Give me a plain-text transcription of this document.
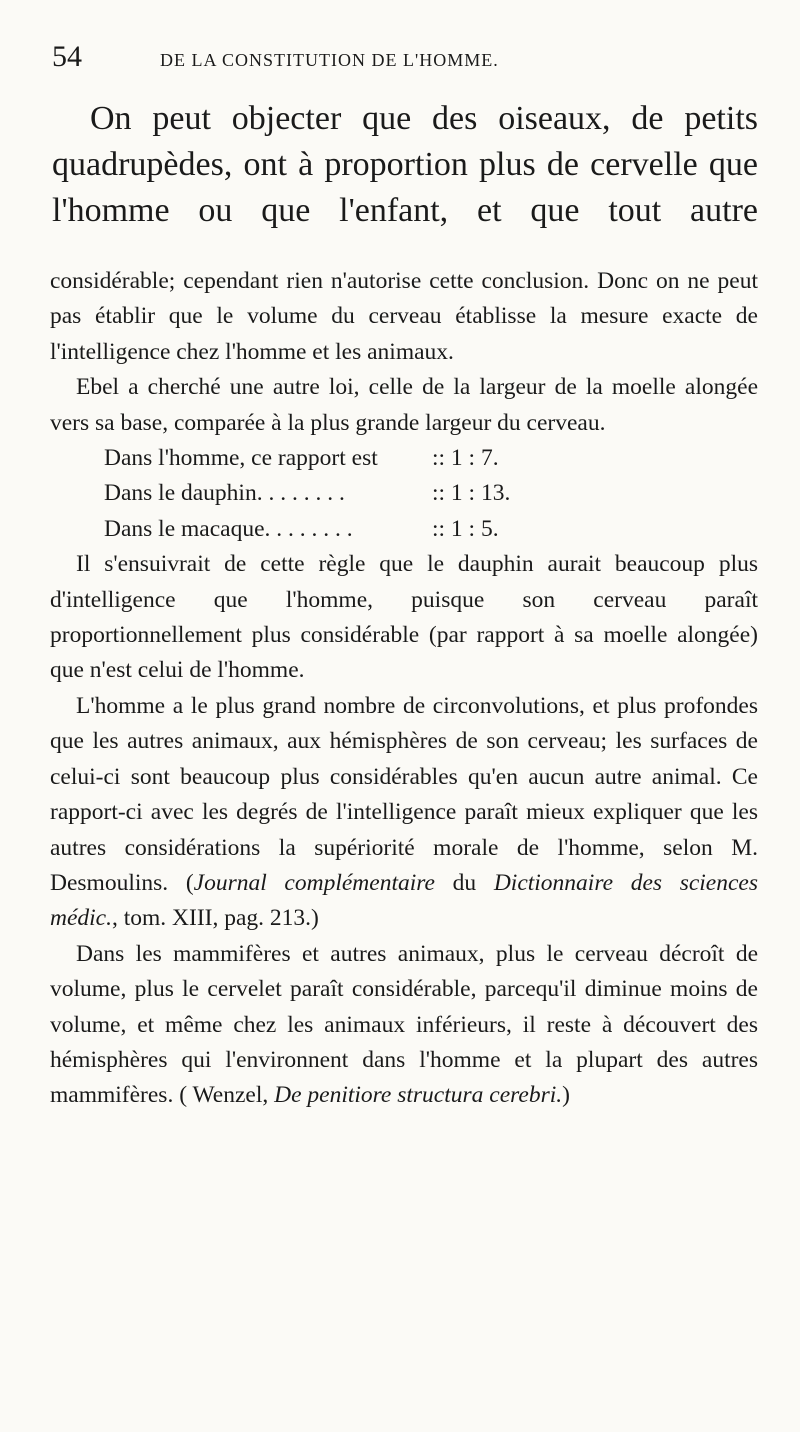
54	DE LA CONSTITUTION DE L'HOMME.

On peut objecter que des oiseaux, de petits quadrupèdes, ont à proportion plus de cervelle que l'homme ou que l'enfant, et que tout autre

considérable; cependant rien n'autorise cette conclusion. Donc on ne peut pas établir que le volume du cerveau établisse la mesure exacte de l'intelligence chez l'homme et les animaux.

Ebel a cherché une autre loi, celle de la largeur de la moelle alongée vers sa base, comparée à la plus grande largeur du cerveau.

Dans l'homme, ce rapport est	:: 1 : 7.
Dans le dauphin. . . . . . . .	:: 1 : 13.
Dans le macaque. . . . . . . .	:: 1 : 5.

Il s'ensuivrait de cette règle que le dauphin aurait beaucoup plus d'intelligence que l'homme, puisque son cerveau paraît proportionnellement plus considérable (par rapport à sa moelle alongée) que n'est celui de l'homme.

L'homme a le plus grand nombre de circonvolutions, et plus profondes que les autres animaux, aux hémisphères de son cerveau; les surfaces de celui-ci sont beaucoup plus considérables qu'en aucun autre animal. Ce rapport-ci avec les degrés de l'intelligence paraît mieux expliquer que les autres considérations la supériorité morale de l'homme, selon M. Desmoulins. (Journal complémentaire du Dictionnaire des sciences médic., tom. XIII, pag. 213.)

Dans les mammifères et autres animaux, plus le cerveau décroît de volume, plus le cervelet paraît considérable, parcequ'il diminue moins de volume, et même chez les animaux inférieurs, il reste à découvert des hémisphères qui l'environnent dans l'homme et la plupart des autres mammifères. ( Wenzel, De penitiore structura cerebri.)
